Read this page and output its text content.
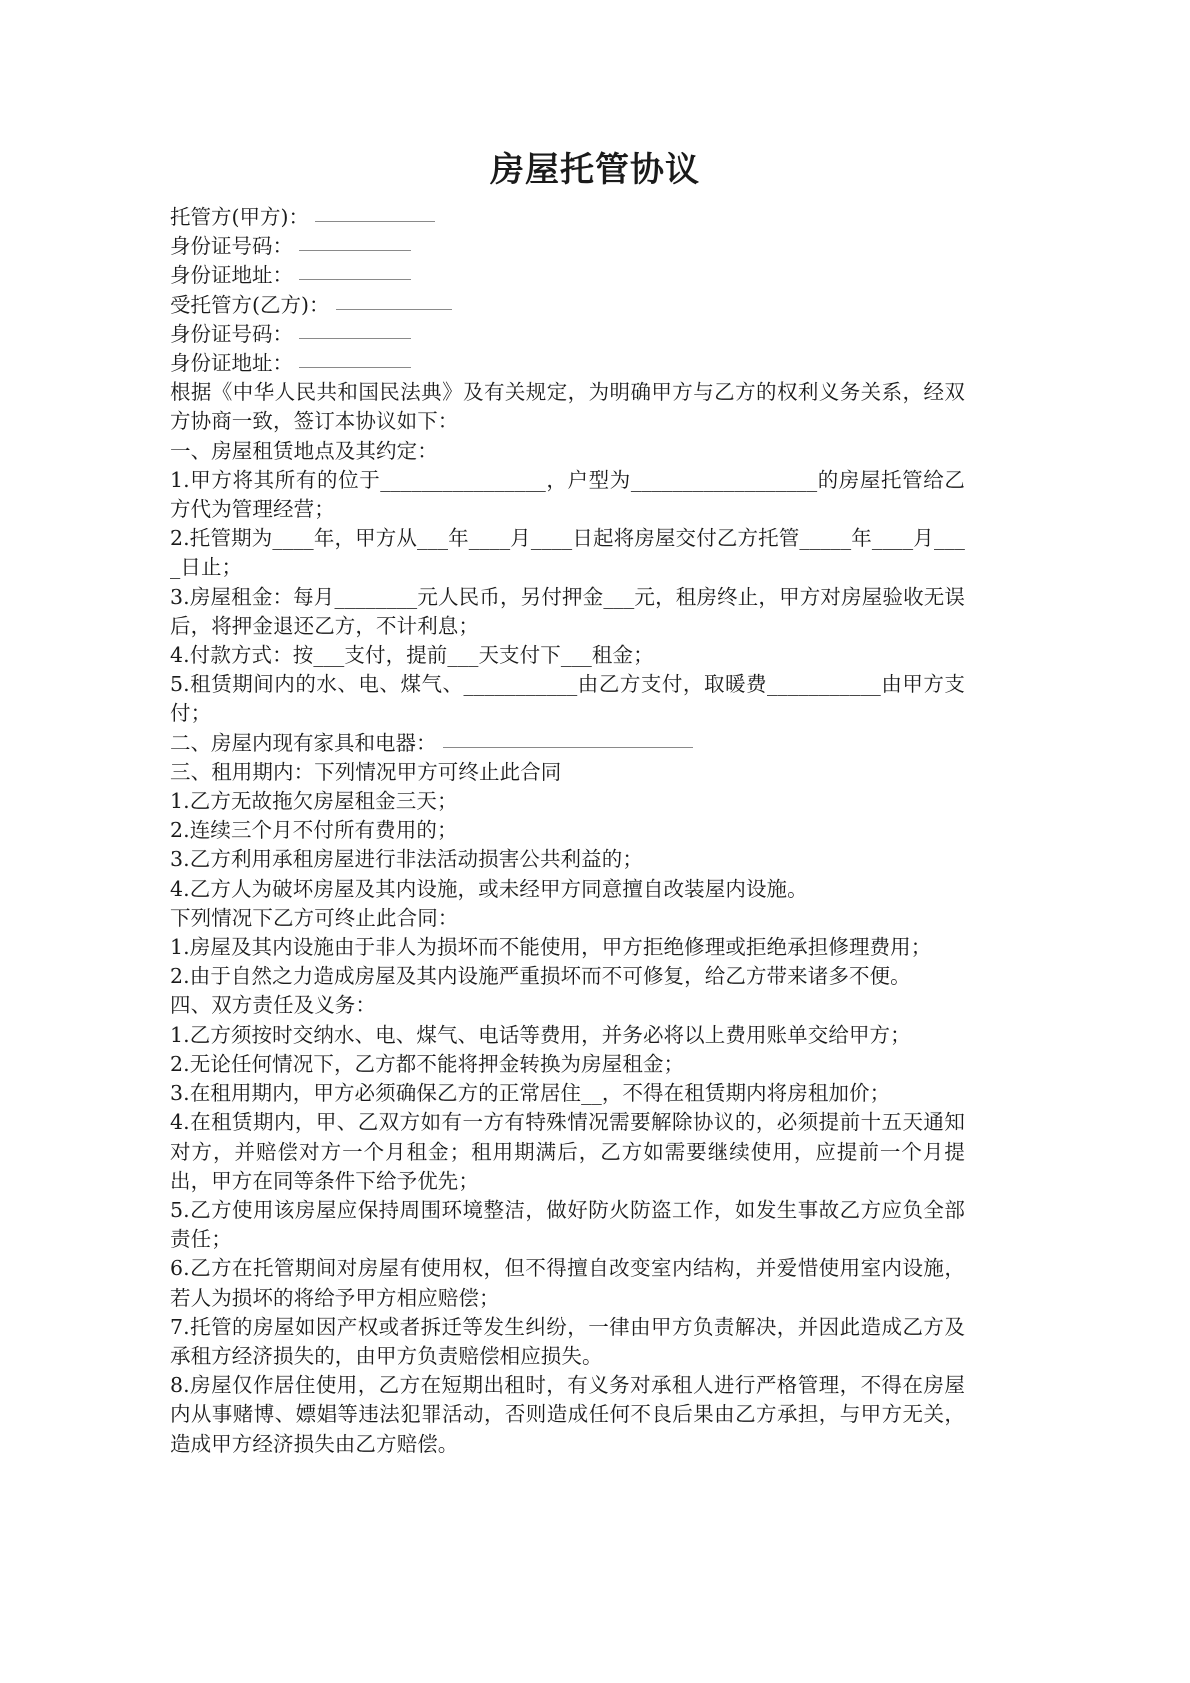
房屋托管协议
托管方(甲方)：
身份证号码：
身份证地址：
受托管方(乙方)：
身份证号码：
身份证地址：

根据《中华人民共和国民法典》及有关规定，为明确甲方与乙方的权利义务关系，经双方协商一致，签订本协议如下：

一、房屋租赁地点及其约定：

1.甲方将其所有的位于________________，户型为__________________的房屋托管给乙方代为管理经营；

2.托管期为____年，甲方从___年____月____日起将房屋交付乙方托管_____年____月____日止；

3.房屋租金：每月________元人民币，另付押金___元，租房终止，甲方对房屋验收无误后，将押金退还乙方，不计利息；

4.付款方式：按___支付，提前___天支付下___租金；

5.租赁期间内的水、电、煤气、___________由乙方支付，取暖费___________由甲方支付；

二、房屋内现有家具和电器：

三、租用期内：下列情况甲方可终止此合同

1.乙方无故拖欠房屋租金三天；

2.连续三个月不付所有费用的；

3.乙方利用承租房屋进行非法活动损害公共利益的；

4.乙方人为破坏房屋及其内设施，或未经甲方同意擅自改装屋内设施。

下列情况下乙方可终止此合同：

1.房屋及其内设施由于非人为损坏而不能使用，甲方拒绝修理或拒绝承担修理费用；

2.由于自然之力造成房屋及其内设施严重损坏而不可修复，给乙方带来诸多不便。

四、双方责任及义务：

1.乙方须按时交纳水、电、煤气、电话等费用，并务必将以上费用账单交给甲方；

2.无论任何情况下，乙方都不能将押金转换为房屋租金；

3.在租用期内，甲方必须确保乙方的正常居住__，不得在租赁期内将房租加价；

4.在租赁期内，甲、乙双方如有一方有特殊情况需要解除协议的，必须提前十五天通知对方，并赔偿对方一个月租金；租用期满后，乙方如需要继续使用，应提前一个月提出，甲方在同等条件下给予优先；

5.乙方使用该房屋应保持周围环境整洁，做好防火防盗工作，如发生事故乙方应负全部责任；

6.乙方在托管期间对房屋有使用权，但不得擅自改变室内结构，并爱惜使用室内设施，若人为损坏的将给予甲方相应赔偿；

7.托管的房屋如因产权或者拆迁等发生纠纷，一律由甲方负责解决，并因此造成乙方及承租方经济损失的，由甲方负责赔偿相应损失。

8.房屋仅作居住使用，乙方在短期出租时，有义务对承租人进行严格管理，不得在房屋内从事赌博、嫖娼等违法犯罪活动，否则造成任何不良后果由乙方承担，与甲方无关，造成甲方经济损失由乙方赔偿。
